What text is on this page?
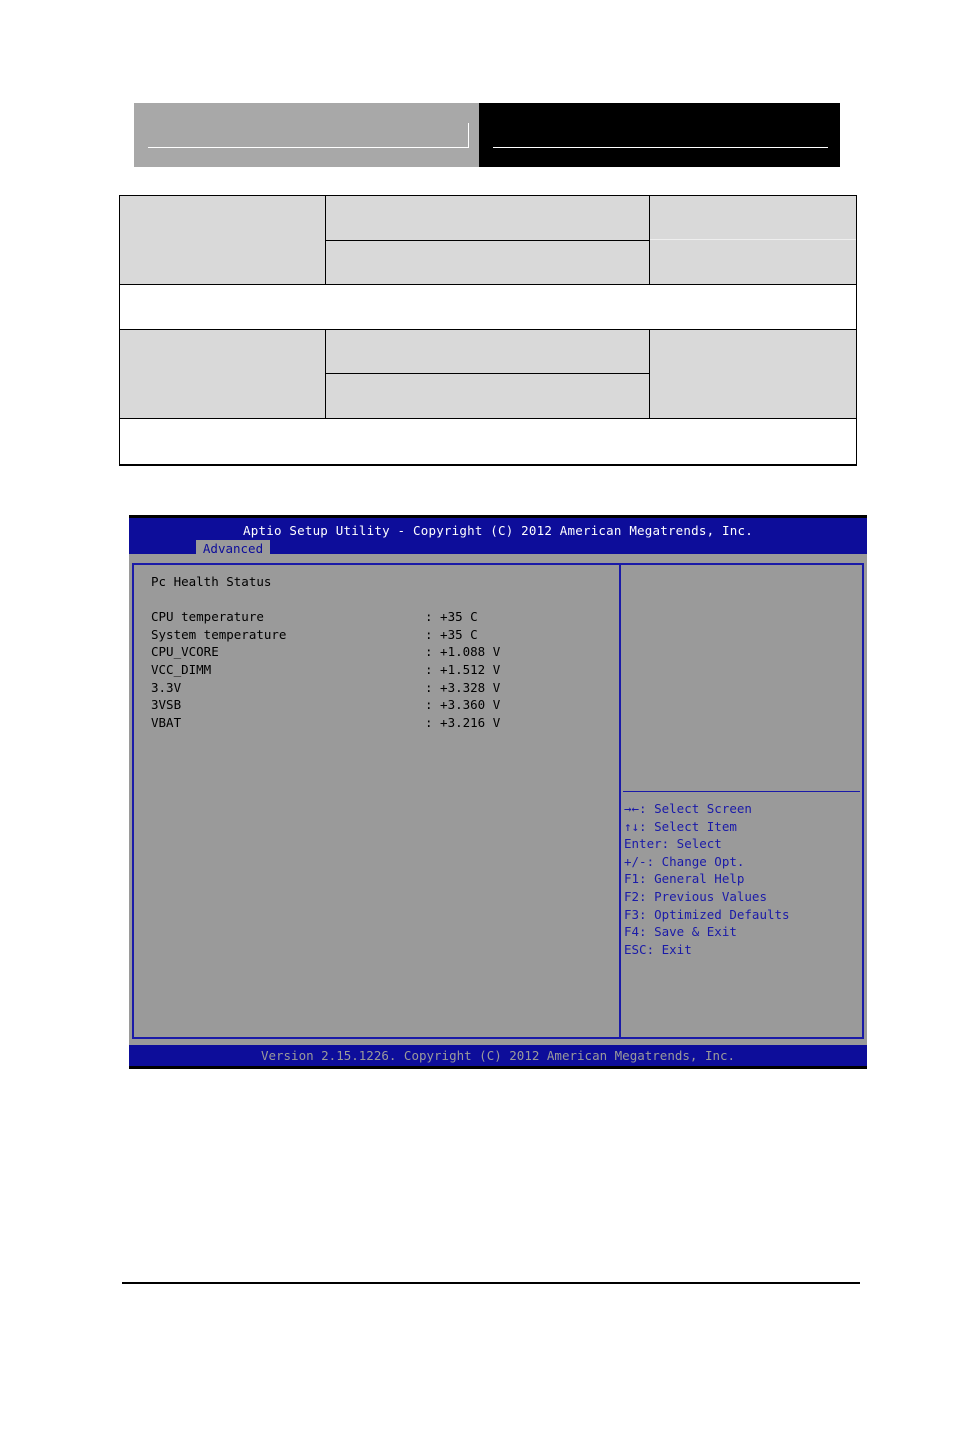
Aptio Setup Utility - Copyright (C) 2012 American Megatrends, Inc.
Advanced
Pc Health Status
CPU temperature	: +35 C
System temperature	: +35 C
CPU_VCORE	: +1.088 V
VCC_DIMM	: +1.512 V
3.3V	: +3.328 V
3VSB	: +3.360 V
VBAT	: +3.216 V
→←: Select Screen
↑↓: Select Item
Enter: Select
+/-: Change Opt.
F1: General Help
F2: Previous Values
F3: Optimized Defaults
F4: Save & Exit
ESC: Exit
Version 2.15.1226. Copyright (C) 2012 American Megatrends, Inc.
